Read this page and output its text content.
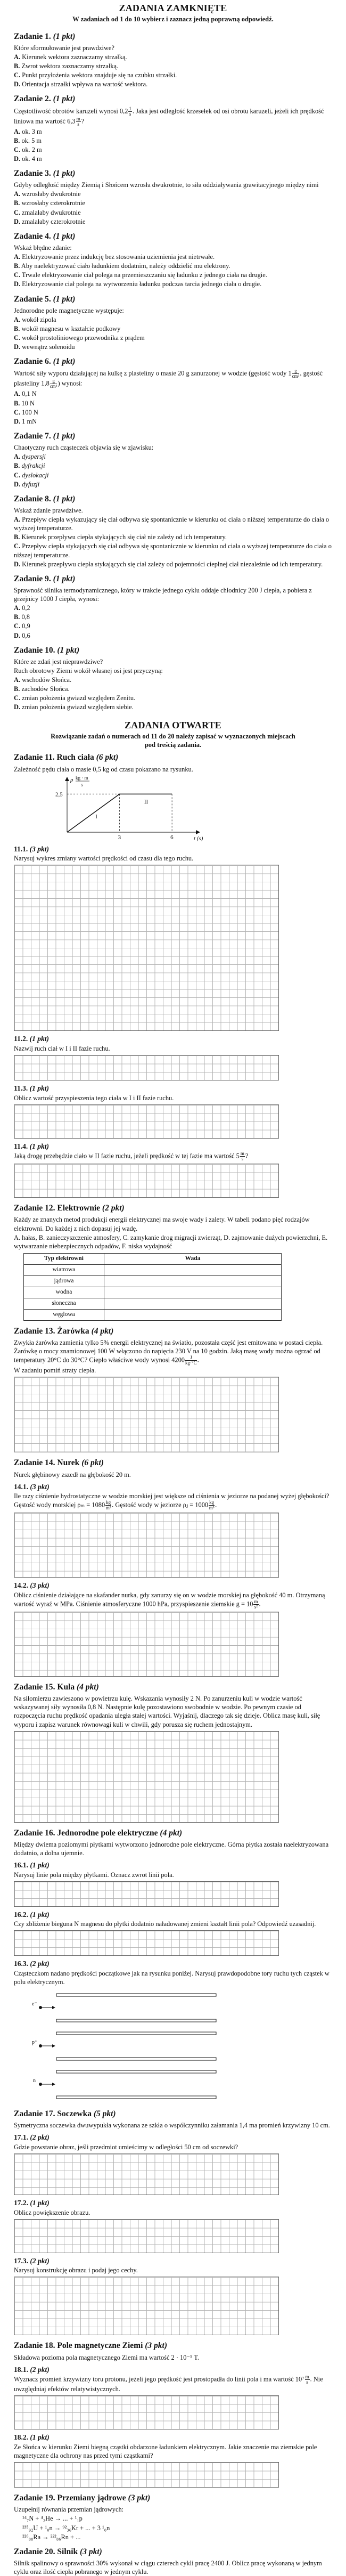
ZADANIA ZAMKNIĘTE
W zadaniach od 1 do 10 wybierz i zaznacz jedną poprawną odpowiedź.
Zadanie 1. (1 pkt)

Które sformułowanie jest prawdziwe?

A. Kierunek wektora zaznaczamy strzałką.

B. Zwrot wektora zaznaczamy strzałką.

C. Punkt przyłożenia wektora znajduje się na czubku strzałki.

D. Orientacja strzałki wpływa na wartość wektora.

Zadanie 2. (1 pkt)

Częstotliwość obrotów karuzeli wynosi $0,2 \frac{1}{s}$ . Jaka jest odległość krzesełek od osi obrotu karuzeli, jeżeli ich prędkość liniowa ma wartość $6,3 \frac{m}{s}$ ?

A. ok. 3 m

B. ok. 5 m

C. ok. 2 m

D. ok. 4 m

Zadanie 3. (1 pkt)

Gdyby odległość między Ziemią i Słońcem wzrosła dwukrotnie, to siła oddziaływania grawitacyjnego między nimi

A. wzrosłaby dwukrotnie

B. wzrosłaby czterokrotnie

C. zmalałaby dwukrotnie

D. zmalałaby czterokrotnie

Zadanie 4. (1 pkt)

Wskaż błędne zdanie:

A. Elektryzowanie przez indukcję bez stosowania uziemienia jest nietrwałe.

B. Aby naelektryzować ciało ładunkiem dodatnim, należy oddzielić mu elektrony.

C. Trwale elektryzowanie ciał polega na przemieszczaniu się ładunku z jednego ciała na drugie.

D. Elektryzowanie ciał polega na wytworzeniu ładunku podczas tarcia jednego ciała o drugie.

Zadanie 5. (1 pkt)

Jednorodne pole magnetyczne występuje:

A. wokół zipola

B. wokół magnesu w kształcie podkowy

C. wokół prostoliniowego przewodnika z prądem

D. wewnątrz solenoidu

Zadanie 6. (1 pkt)

Wartość siły wyporu działającej na kulkę z plasteliny o masie 20 g zanurzonej w wodzie (gęstość wody $1 \frac{g}{\text{cm³}}$ , gęstość plasteliny $1,8 \frac{g}{\text{cm³}}$ ) wynosi:

A. 0,1 N

B. 10 N

C. 100 N

D. 1 mN

Zadanie 7. (1 pkt)

Chaotyczny ruch cząsteczek objawia się w zjawisku:

A. dyspersji

B. dyfrakcji

C. dyslokacji

D. dyfuzji

Zadanie 8. (1 pkt)

Wskaż zdanie prawdziwe.

A. Przepływ ciepła wykazujący się ciał odbywa się spontanicznie w kierunku od ciała o niższej temperaturze do ciała o wyższej temperaturze.

B. Kierunek przepływu ciepła stykających się ciał nie zależy od ich temperatury.

C. Przepływ ciepła stykających się ciał odbywa się spontanicznie w kierunku od ciała o wyższej temperaturze do ciała o niższej temperaturze.

D. Kierunek przepływu ciepła stykających się ciał zależy od pojemności cieplnej ciał niezależnie od ich temperatury.

Zadanie 9. (1 pkt)

Sprawność silnika termodynamicznego, który w trakcie jednego cyklu oddaje chłodnicy 200 J ciepła, a pobiera z grzejnicy 1000 J ciepła, wynosi:

A. 0,2

B. 0,8

C. 0,9

D. 0,6

Zadanie 10. (1 pkt)

Które ze zdań jest nieprawdziwe?

Ruch obrotowy Ziemi wokół własnej osi jest przyczyną:

A. wschodów Słońca.

B. zachodów Słońca.

C. zmian położenia gwiazd względem Zenitu.

D. zmian położenia gwiazd względem siebie.

ZADANIA OTWARTE
Rozwiązanie zadań o numerach od 11 do 20 należy zapisać w wyznaczonych miejscach pod treścią zadania.
Zadanie 11. Ruch ciała (6 pkt)

Zależność pędu ciała o masie 0,5 kg od czasu pokazano na rysunku.

p kg · m
s
t (s)
2,5
3	6
I
II
11.1. (3 pkt)

Narysuj wykres zmiany wartości prędkości od czasu dla tego ruchu.

11.2. (1 pkt)

Nazwij ruch ciał w I i II fazie ruchu.

11.3. (1 pkt)

Oblicz wartość przyspieszenia tego ciała w I i II fazie ruchu.

11.4. (1 pkt)

Jaką drogę przebędzie ciało w II fazie ruchu, jeżeli prędkość w tej fazie ma wartość $5 \frac{m}{s}$ ?

Zadanie 12. Elektrownie (2 pkt)

Każdy ze znanych metod produkcji energii elektrycznej ma swoje wady i zalety. W tabeli podano pięć rodzajów elektrowni. Do każdej z nich dopasuj jej wadę.

A. hałas, B. zanieczyszczenie atmosfery, C. zamykanie drog migracji zwierząt, D. zajmowanie dużych powierzchni, E. wytwarzanie niebezpiecznych odpadów, F. niska wydajność

Typ elektrowni	Wada
wiatrowa	
jądrowa	
wodna	
słoneczna	
węglowa	
Zadanie 13. Żarówka (4 pkt)

Zwykła żarówka zamienia tylko 5% energii elektrycznej na światło, pozostała część jest emitowana w postaci ciepła. Żarówkę o mocy znamionowej 100 W włączono do napięcia 230 V na 10 godzin. Jaką masę wody można ogrzać od temperatury 20°C do 30°C? Ciepło właściwe wody wynosi $4200 \frac{J}{kg\cdot^\circ C}$ .

W zadaniu pomiń straty ciepła.

Zadanie 14. Nurek (6 pkt)

Nurek głębinowy zszedł na głębokość 20 m.

14.1. (3 pkt)

Ile razy ciśnienie hydrostatyczne w wodzie morskiej jest większe od ciśnienia w jeziorze na podanej wyżej głębokości? Gęstość wody morskiej $\rho_m = 1080 \frac{kg}{\text{m³}}$ . Gęstość wody w jeziorze ρⱼ = $1000 \frac{kg}{\text{m³}}$ .

14.2. (3 pkt)

Oblicz ciśnienie działające na skafander nurka, gdy zanurzy się on w wodzie morskiej na głębokość 40 m. Otrzymaną wartość wyraź w MPa. Ciśnienie atmosferyczne 1000 hPa, przyspieszenie ziemskie $g = 10 \frac{m}{\text{s²}}$ .

Zadanie 15. Kula (4 pkt)

Na siłomierzu zawieszono w powietrzu kulę. Wskazania wynosiły 2 N. Po zanurzeniu kuli w wodzie wartość wskazywanej siły wynosiła 0,8 N. Następnie kulę pozostawiono swobodnie w wodzie. Po pewnym czasie od rozpoczęcia ruchu prędkość opadania uległa stałej wartości. Wyjaśnij, dlaczego tak się dzieje. Oblicz masę kuli, siłę wyporu i zapisz warunek równowagi kuli w chwili, gdy porusza się ruchem jednostajnym.

Zadanie 16. Jednorodne pole elektryczne (4 pkt)

Między dwiema poziomymi płytkami wytworzono jednorodne pole elektryczne. Górna płytka została naelektryzowana dodatnio, a dolna ujemnie.

16.1. (1 pkt)

Narysuj linie pola między płytkami. Oznacz zwrot linii pola.

16.2. (1 pkt)

Czy zbliżenie bieguna N magnesu do płytki dodatnio naładowanej zmieni kształt linii pola? Odpowiedź uzasadnij.

16.3. (2 pkt)

Cząsteczkom nadano prędkości początkowe jak na rysunku poniżej. Narysuj prawdopodobne tory ruchu tych cząstek w polu elektrycznym.

e⁻
p⁺
n
Zadanie 17. Soczewka (5 pkt)

Symetryczna soczewka dwuwypukła wykonana ze szkła o współczynniku załamania 1,4 ma promień krzywizny 10 cm.

17.1. (2 pkt)

Gdzie powstanie obraz, jeśli przedmiot umieścimy w odległości 50 cm od soczewki?

17.2. (1 pkt)

Oblicz powiększenie obrazu.

17.3. (2 pkt)

Narysuj konstrukcję obrazu i podaj jego cechy.

Zadanie 18. Pole magnetyczne Ziemi (3 pkt)

Składowa pozioma pola magnetycznego Ziemi ma wartość 2 · 10⁻⁵ T.

18.1. (2 pkt)

Wyznacz promień krzywizny toru protonu, jeżeli jego prędkość jest prostopadła do linii pola i ma wartość $10^7 \frac{m}{s}$ . Nie uwzględniaj efektów relatywistycznych.

18.2. (1 pkt)

Ze Słońca w kierunku Ziemi biegną cząstki obdarzone ładunkiem elektrycznym. Jakie znaczenie ma ziemskie pole magnetyczne dla ochrony nas przed tymi cząstkami?

Zadanie 19. Przemiany jądrowe (3 pkt)

Uzupełnij równania przemian jądrowych:

¹⁴₇N + ⁴₂He → ... + ¹₁p

²³⁵₉₂U + ¹₀n → ⁹²₃₆Kr + ... + 3 ¹₀n

²²⁶₈₈Ra → ²²²₈₆Rn + ...

Zadanie 20. Silnik (3 pkt)

Silnik spalinowy o sprawności 30% wykonał w ciągu czterech cykli pracę 2400 J. Oblicz pracę wykonaną w jednym cyklu oraz ilość ciepła pobranego w jednym cyklu.
